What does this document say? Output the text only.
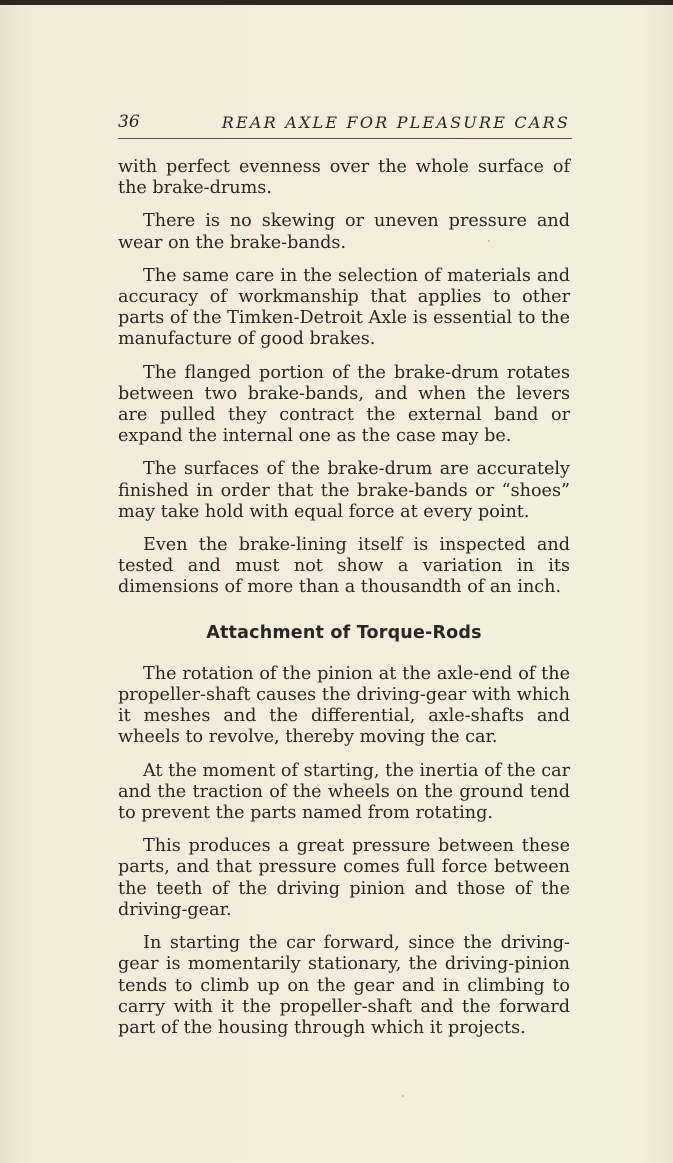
36	REAR AXLE FOR PLEASURE CARS

with perfect evenness over the whole surface of the brake-drums.

There is no skewing or uneven pressure and wear on the brake-bands.

The same care in the selection of materials and accuracy of workmanship that applies to other parts of the Timken-Detroit Axle is essential to the manufacture of good brakes.

The flanged portion of the brake-drum rotates between two brake-bands, and when the levers are pulled they contract the external band or expand the internal one as the case may be.

The surfaces of the brake-drum are accurately finished in order that the brake-bands or “shoes” may take hold with equal force at every point.

Even the brake-lining itself is inspected and tested and must not show a variation in its dimensions of more than a thousandth of an inch.

Attachment of Torque-Rods

The rotation of the pinion at the axle-end of the propeller-shaft causes the driving-gear with which it meshes and the differential, axle-shafts and wheels to revolve, thereby moving the car.

At the moment of starting, the inertia of the car and the traction of the wheels on the ground tend to prevent the parts named from rotating.

This produces a great pressure between these parts, and that pressure comes full force between the teeth of the driving pinion and those of the driving-gear.

In starting the car forward, since the driving-gear is momentarily stationary, the driving-pinion tends to climb up on the gear and in climbing to carry with it the propeller-shaft and the forward part of the housing through which it projects.
